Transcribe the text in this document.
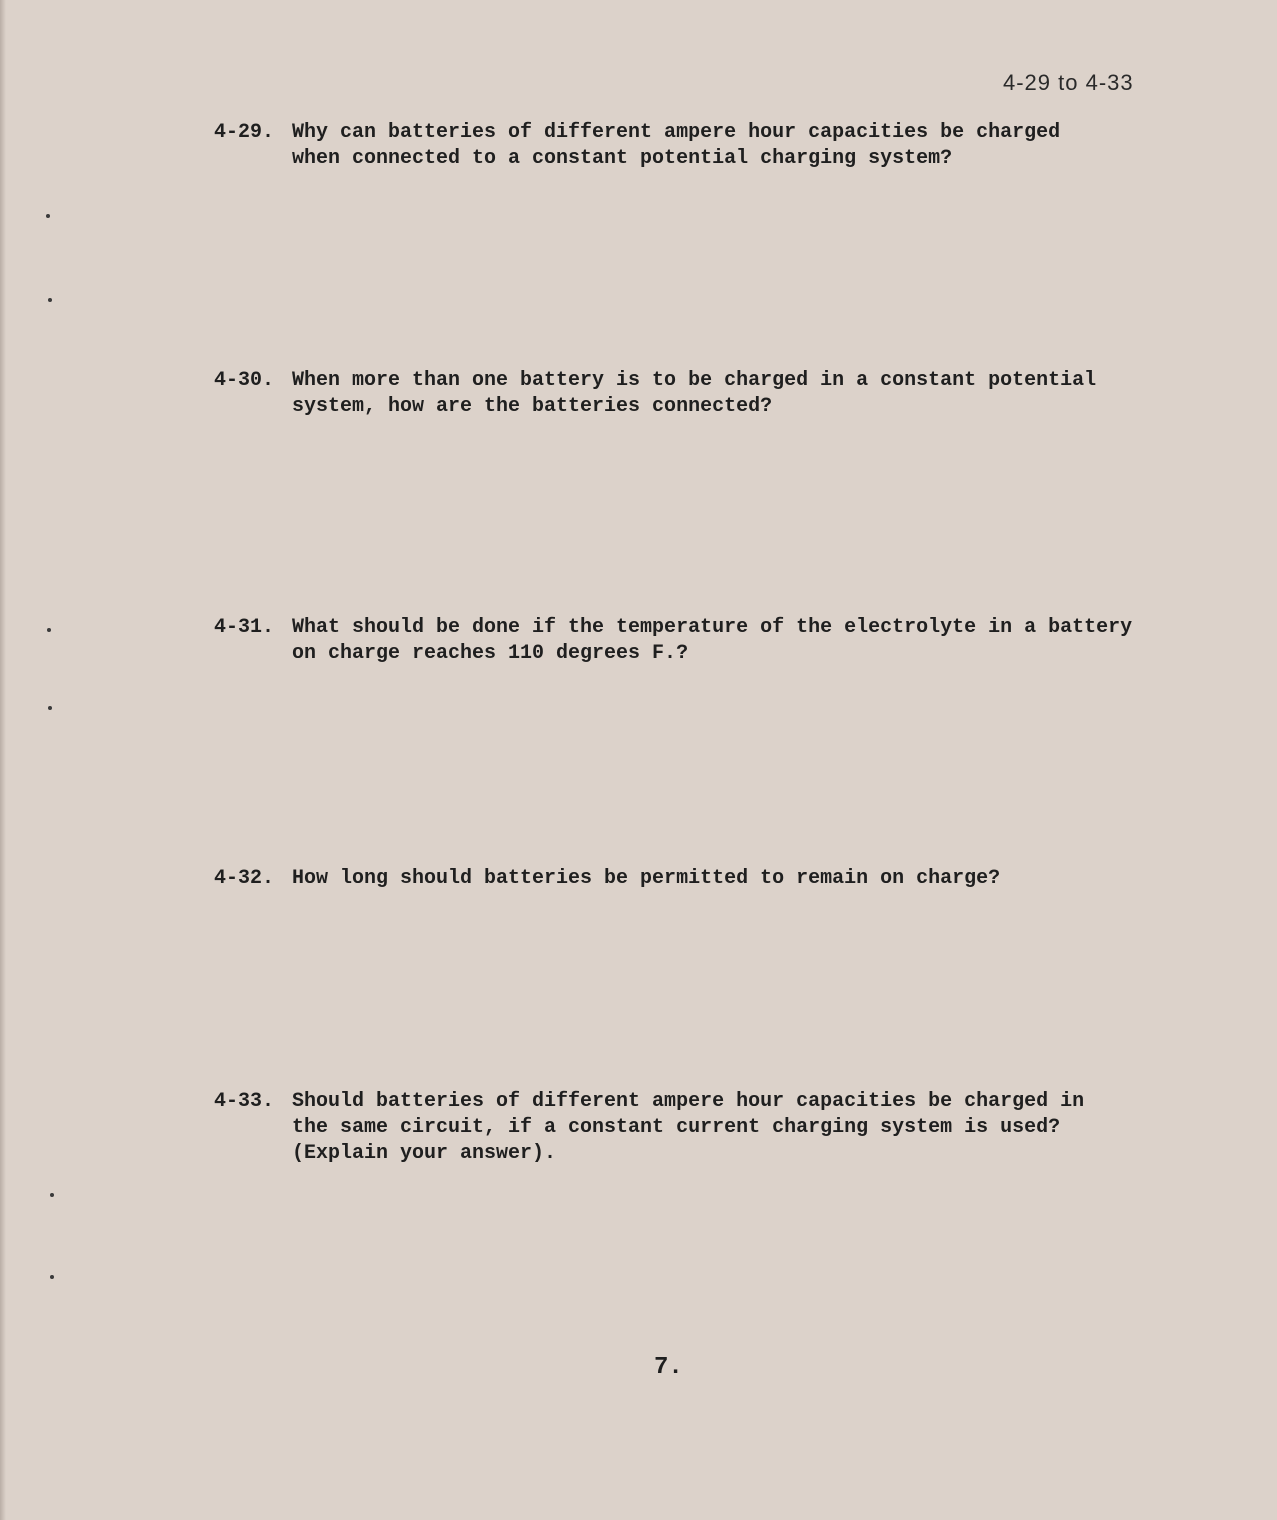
4-29 to 4-33
4-29. Why can batteries of different ampere hour capacities be charged
when connected to a constant potential charging system?
4-30. When more than one battery is to be charged in a constant potential
system, how are the batteries connected?
4-31. What should be done if the temperature of the electrolyte in a battery
on charge reaches 110 degrees F.?
4-32. How long should batteries be permitted to remain on charge?
4-33. Should batteries of different ampere hour capacities be charged in
the same circuit, if a constant current charging system is used?
(Explain your answer).
7.
